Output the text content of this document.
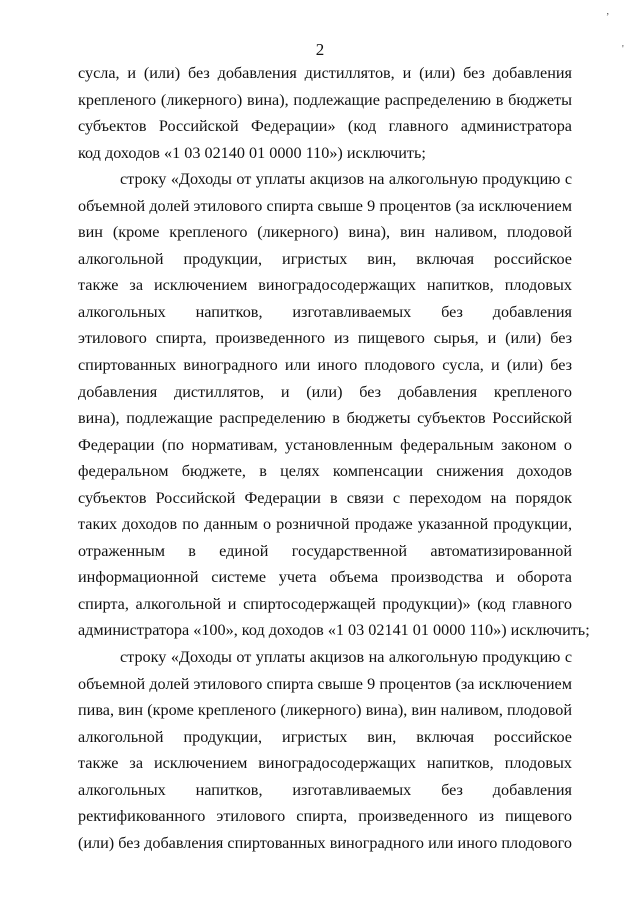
’
'
2
сусла, и (или) без добавления дистиллятов, и (или) без добавления
крепленого (ликерного) вина), подлежащие распределению в бюджеты
субъектов Российской Федерации» (код главного администратора
код доходов «1 03 02140 01 0000 110») исключить;
строку «Доходы от уплаты акцизов на алкогольную продукцию с
объемной долей этилового спирта свыше 9 процентов (за исключением
вин (кроме крепленого (ликерного) вина), вин наливом, плодовой
алкогольной продукции, игристых вин, включая российское
также за исключением виноградосодержащих напитков, плодовых
алкогольных напитков, изготавливаемых без добавления
этилового спирта, произведенного из пищевого сырья, и (или) без
спиртованных виноградного или иного плодового сусла, и (или) без
добавления дистиллятов, и (или) без добавления крепленого
вина), подлежащие распределению в бюджеты субъектов Российской
Федерации (по нормативам, установленным федеральным законом о
федеральном бюджете, в целях компенсации снижения доходов
субъектов Российской Федерации в связи с переходом на порядок
таких доходов по данным о розничной продаже указанной продукции,
отраженным в единой государственной автоматизированной
информационной системе учета объема производства и оборота
спирта, алкогольной и спиртосодержащей продукции)» (код главного
администратора «100», код доходов «1 03 02141 01 0000 110») исключить;
строку «Доходы от уплаты акцизов на алкогольную продукцию с
объемной долей этилового спирта свыше 9 процентов (за исключением
пива, вин (кроме крепленого (ликерного) вина), вин наливом, плодовой
алкогольной продукции, игристых вин, включая российское
также за исключением виноградосодержащих напитков, плодовых
алкогольных напитков, изготавливаемых без добавления
ректификованного этилового спирта, произведенного из пищевого
(или) без добавления спиртованных виноградного или иного плодового
